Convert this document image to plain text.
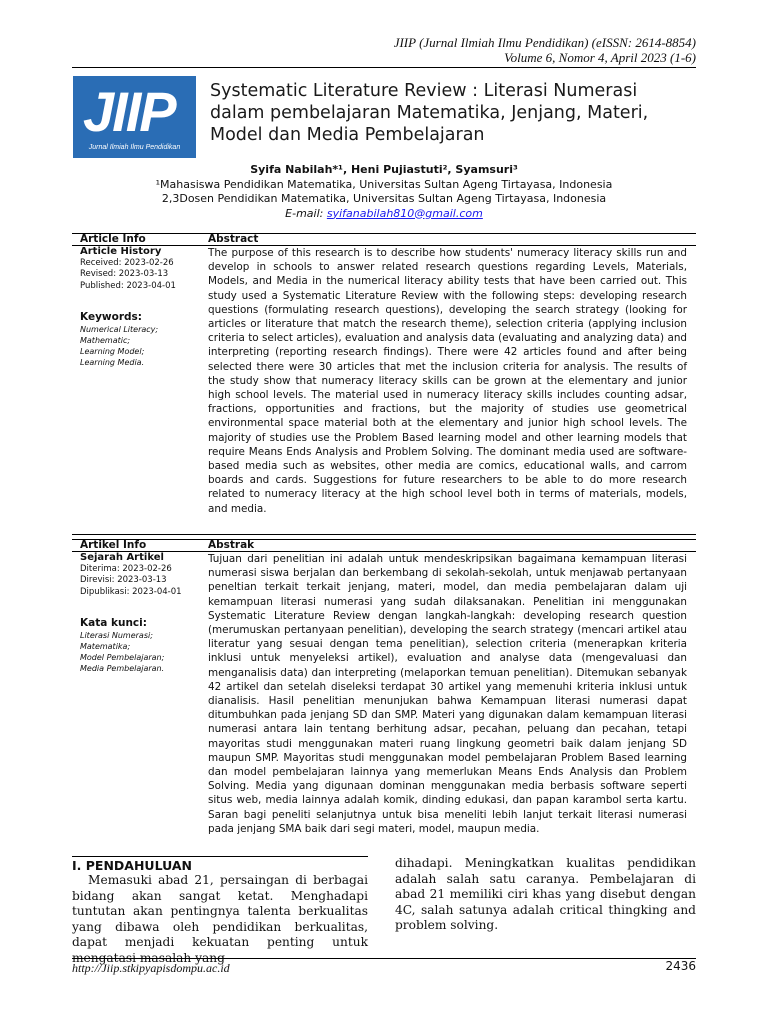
JIIP (Jurnal Ilmiah Ilmu Pendidikan) (eISSN: 2614-8854)
Volume 6, Nomor 4, April 2023 (1-6)
JIIP
Jurnal Ilmiah Ilmu Pendidikan
Systematic Literature Review : Literasi Numerasi dalam pembelajaran Matematika, Jenjang, Materi, Model dan Media Pembelajaran
Syifa Nabilah*¹, Heni Pujiastuti², Syamsuri³
¹Mahasiswa Pendidikan Matematika, Universitas Sultan Ageng Tirtayasa, Indonesia
2,3Dosen Pendidikan Matematika, Universitas Sultan Ageng Tirtayasa, Indonesia
E-mail: syifanabilah810@gmail.com
Article Info	Abstract
Article History
Received: 2023-02-26
Revised: 2023-03-13
Published: 2023-04-01
Keywords:
Numerical Literacy;
Mathematic;
Learning Model;
Learning Media.
The purpose of this research is to describe how students' numeracy literacy skills run and develop in schools to answer related research questions regarding Levels, Materials, Models, and Media in the numerical literacy ability tests that have been carried out. This study used a Systematic Literature Review with the following steps: developing research questions (formulating research questions), developing the search strategy (looking for articles or literature that match the research theme), selection criteria (applying inclusion criteria to select articles), evaluation and analysis data (evaluating and analyzing data) and interpreting (reporting research findings). There were 42 articles found and after being selected there were 30 articles that met the inclusion criteria for analysis. The results of the study show that numeracy literacy skills can be grown at the elementary and junior high school levels. The material used in numeracy literacy skills includes counting adsar, fractions, opportunities and fractions, but the majority of studies use geometrical environmental space material both at the elementary and junior high school levels. The majority of studies use the Problem Based learning model and other learning models that require Means Ends Analysis and Problem Solving. The dominant media used are software-based media such as websites, other media are comics, educational walls, and carrom boards and cards. Suggestions for future researchers to be able to do more research related to numeracy literacy at the high school level both in terms of materials, models, and media.
Artikel Info	Abstrak
Sejarah Artikel
Diterima: 2023-02-26
Direvisi: 2023-03-13
Dipublikasi: 2023-04-01
Kata kunci:
Literasi Numerasi;
Matematika;
Model Pembelajaran;
Media Pembelajaran.
Tujuan dari penelitian ini adalah untuk mendeskripsikan bagaimana kemampuan literasi numerasi siswa berjalan dan berkembang di sekolah-sekolah, untuk menjawab pertanyaan peneltian terkait terkait jenjang, materi, model, dan media pembelajaran dalam uji kemampuan literasi numerasi yang sudah dilaksanakan. Penelitian ini menggunakan Systematic Literature Review dengan langkah-langkah: developing research question (merumuskan pertanyaan penelitian), developing the search strategy (mencari artikel atau literatur yang sesuai dengan tema penelitian), selection criteria (menerapkan kriteria inklusi untuk menyeleksi artikel), evaluation and analyse data (mengevaluasi dan menganalisis data) dan interpreting (melaporkan temuan penelitian). Ditemukan sebanyak 42 artikel dan setelah diseleksi terdapat 30 artikel yang memenuhi kriteria inklusi untuk dianalisis. Hasil penelitian menunjukan bahwa Kemampuan literasi numerasi dapat ditumbuhkan pada jenjang SD dan SMP. Materi yang digunakan dalam kemampuan literasi numerasi antara lain tentang berhitung adsar, pecahan, peluang dan pecahan, tetapi mayoritas studi menggunakan materi ruang lingkung geometri baik dalam jenjang SD maupun SMP. Mayoritas studi menggunakan model pembelajaran Problem Based learning dan model pembelajaran lainnya yang memerlukan Means Ends Analysis dan Problem Solving. Media yang digunaan dominan menggunakan media berbasis software seperti situs web, media lainnya adalah komik, dinding edukasi, dan papan karambol serta kartu. Saran bagi peneliti selanjutnya untuk bisa meneliti lebih lanjut terkait literasi numerasi pada jenjang SMA baik dari segi materi, model, maupun media.
I. PENDAHULUAN

Memasuki abad 21, persaingan di berbagai bidang akan sangat ketat. Menghadapi tuntutan akan pentingnya talenta berkualitas yang dibawa oleh pendidikan berkualitas, dapat menjadi kekuatan penting untuk mengatasi masalah yang

dihadapi. Meningkatkan kualitas pendidikan adalah salah satu caranya. Pembelajaran di abad 21 memiliki ciri khas yang disebut dengan 4C, salah satunya adalah critical thingking and problem solving.

http://Jiip.stkipyapisdompu.ac.id	2436
